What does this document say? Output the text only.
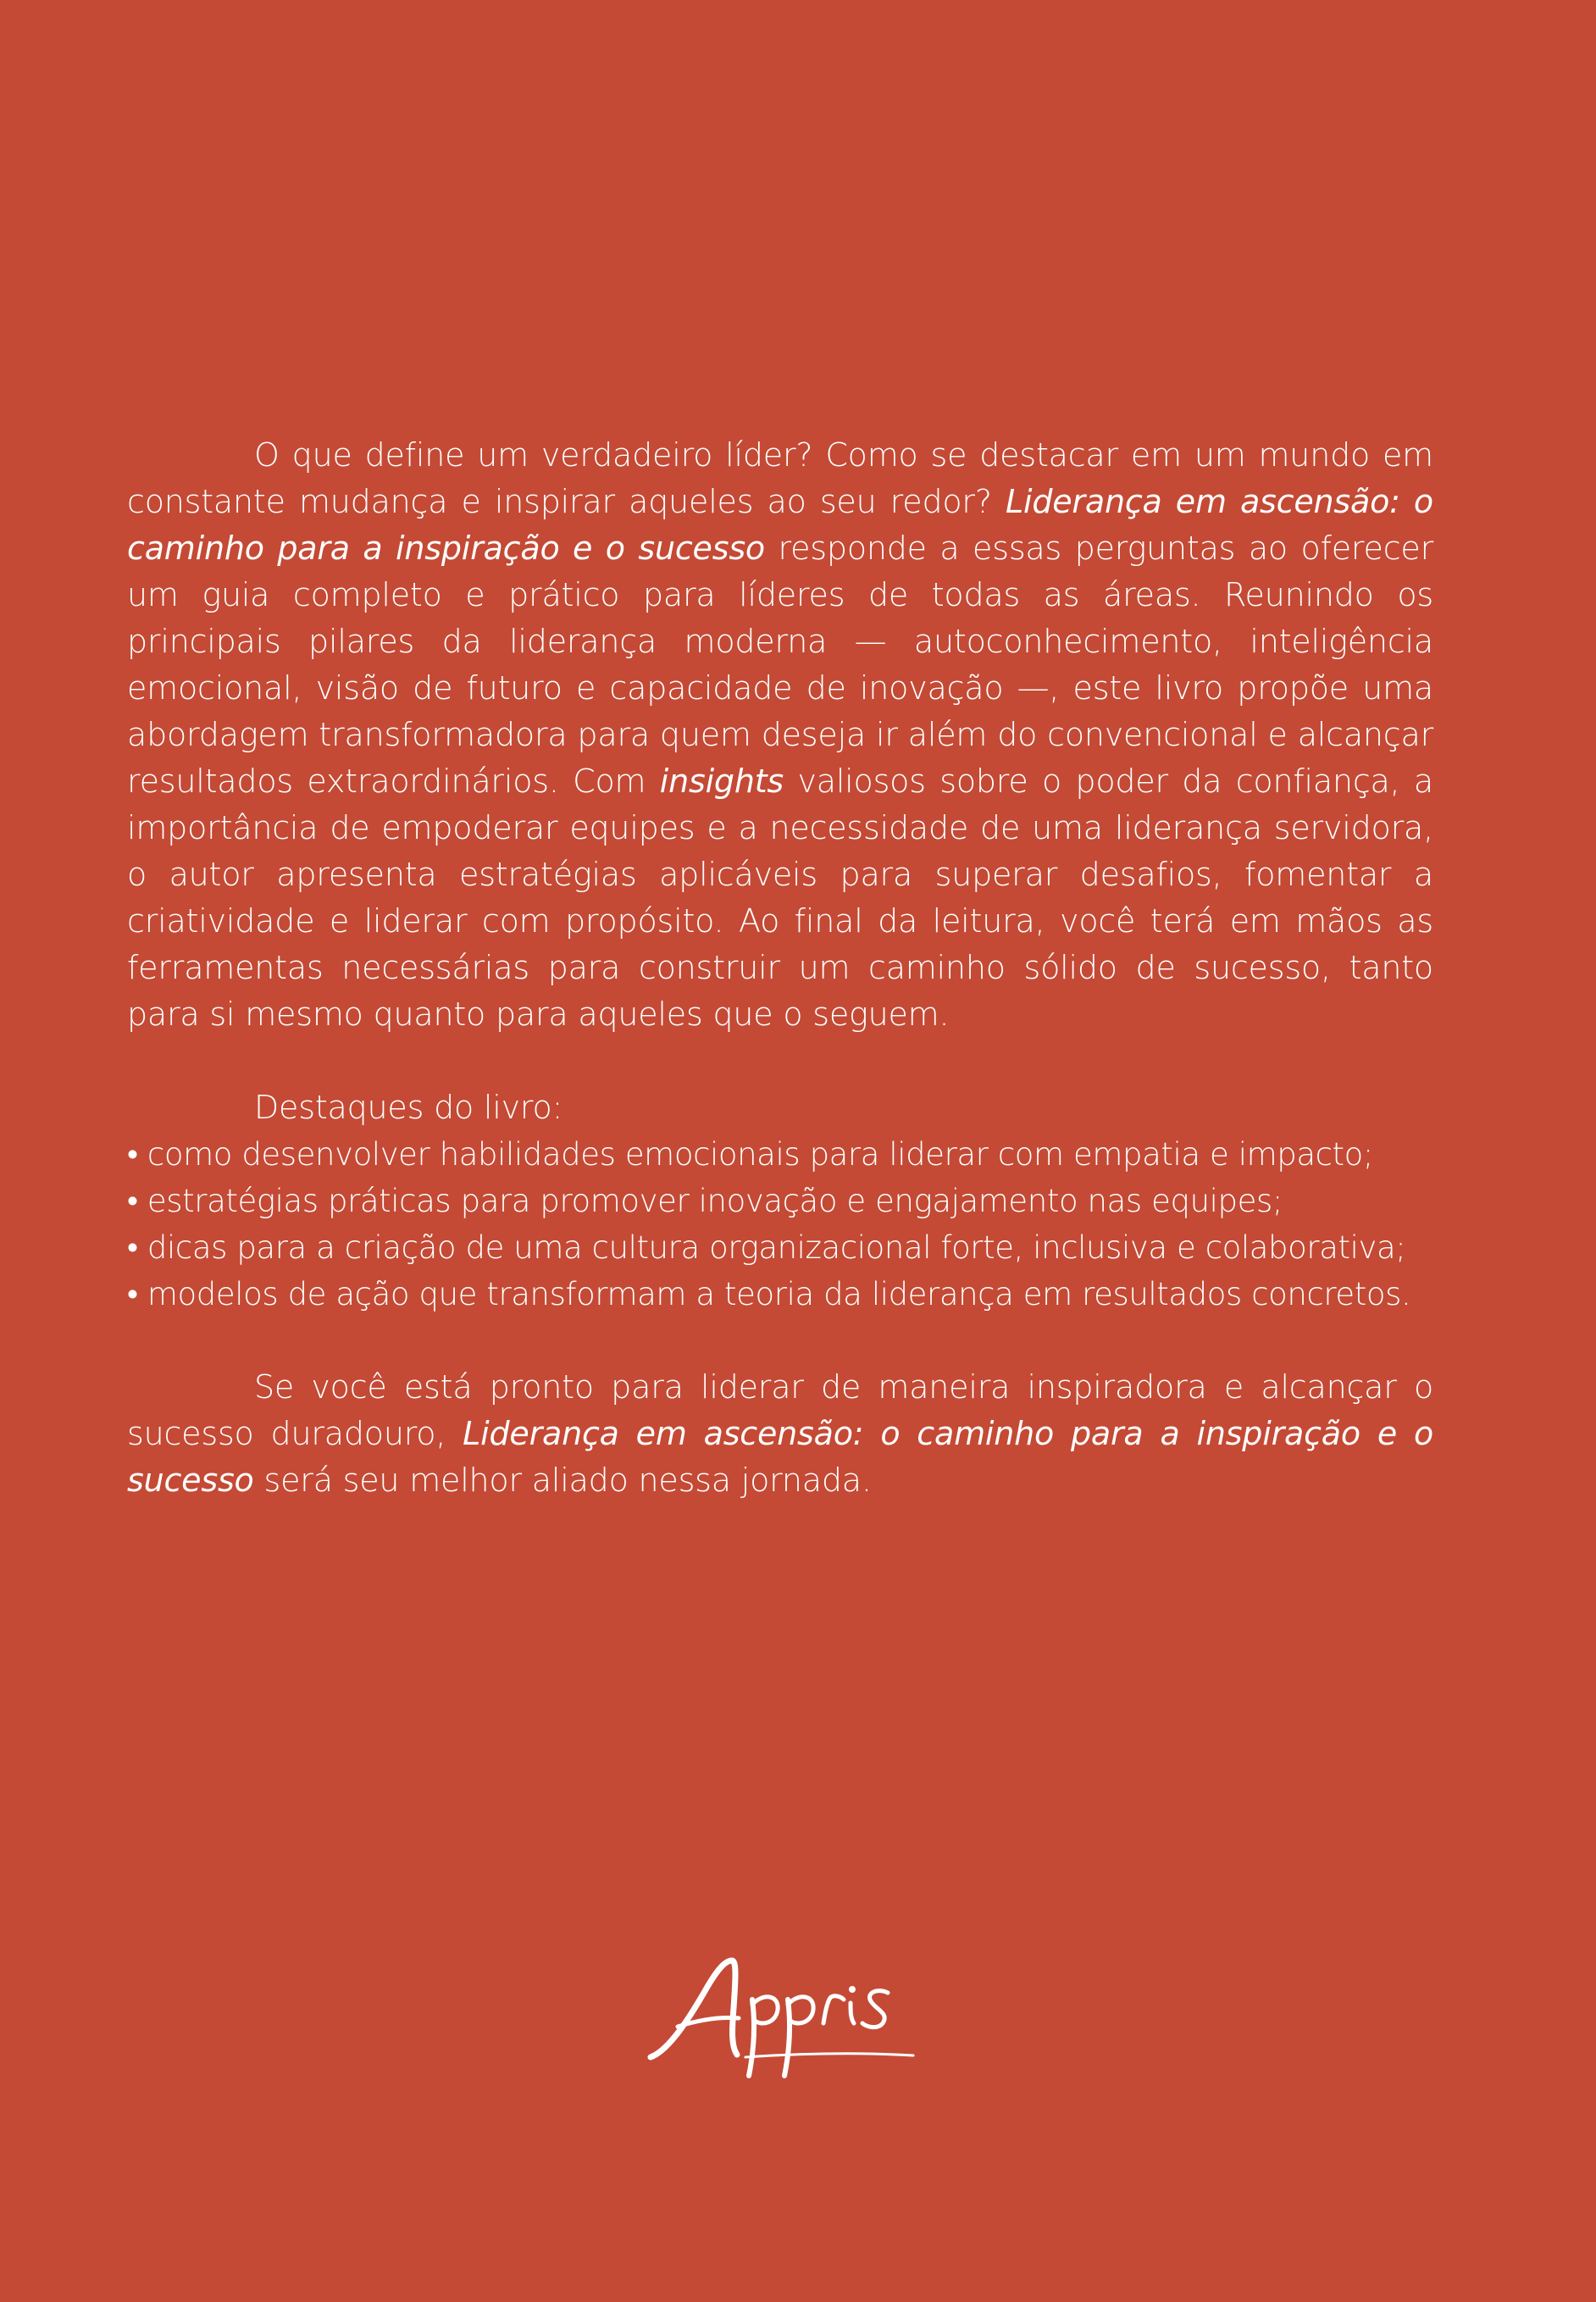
O que define um verdadeiro líder? Como se destacar em um mundo em constante mudança e inspirar aqueles ao seu redor? Liderança em ascensão: o caminho para a inspiração e o sucesso responde a essas perguntas ao oferecer um guia completo e prático para líderes de todas as áreas. Reunindo os principais pilares da liderança moderna — autoconhecimento, inteligência emocional, visão de futuro e capacidade de inovação —, este livro propõe uma abordagem transformadora para quem deseja ir além do convencional e alcançar resultados extraordinários. Com insights valiosos sobre o poder da confiança, a importância de empoderar equipes e a necessidade de uma liderança servidora, o autor apresenta estratégias aplicáveis para superar desafios, fomentar a criatividade e liderar com propósito. Ao final da leitura, você terá em mãos as ferramentas necessárias para construir um caminho sólido de sucesso, tanto para si mesmo quanto para aqueles que o seguem.

Destaques do livro:

• como desenvolver habilidades emocionais para liderar com empatia e impacto;
• estratégias práticas para promover inovação e engajamento nas equipes;
• dicas para a criação de uma cultura organizacional forte, inclusiva e colaborativa;
• modelos de ação que transformam a teoria da liderança em resultados concretos.

Se você está pronto para liderar de maneira inspiradora e alcançar o sucesso duradouro, Liderança em ascensão: o caminho para a inspiração e o sucesso será seu melhor aliado nessa jornada.
